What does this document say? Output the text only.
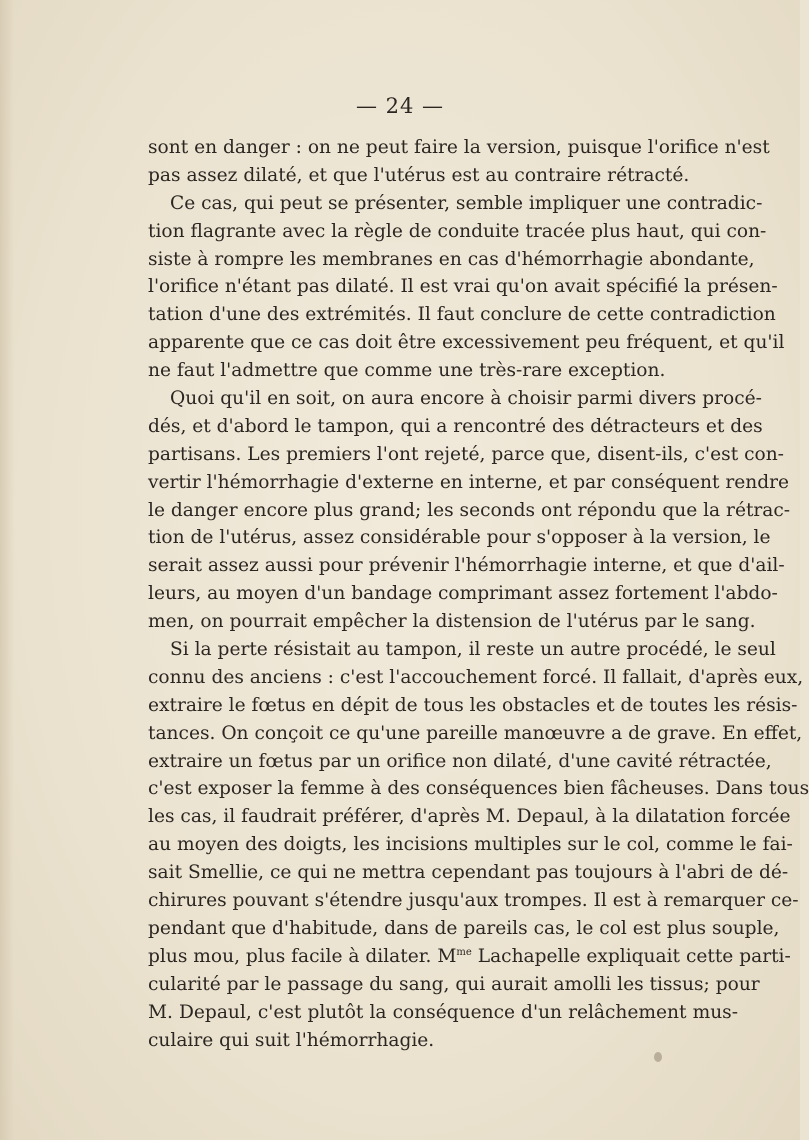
— 24 —
sont en danger : on ne peut faire la version, puisque l'orifice n'est
pas assez dilaté, et que l'utérus est au contraire rétracté.
Ce cas, qui peut se présenter, semble impliquer une contradic-
tion flagrante avec la règle de conduite tracée plus haut, qui con-
siste à rompre les membranes en cas d'hémorrhagie abondante,
l'orifice n'étant pas dilaté. Il est vrai qu'on avait spécifié la présen-
tation d'une des extrémités. Il faut conclure de cette contradiction
apparente que ce cas doit être excessivement peu fréquent, et qu'il
ne faut l'admettre que comme une très-rare exception.
Quoi qu'il en soit, on aura encore à choisir parmi divers procé-
dés, et d'abord le tampon, qui a rencontré des détracteurs et des
partisans. Les premiers l'ont rejeté, parce que, disent-ils, c'est con-
vertir l'hémorrhagie d'externe en interne, et par conséquent rendre
le danger encore plus grand; les seconds ont répondu que la rétrac-
tion de l'utérus, assez considérable pour s'opposer à la version, le
serait assez aussi pour prévenir l'hémorrhagie interne, et que d'ail-
leurs, au moyen d'un bandage comprimant assez fortement l'abdo-
men, on pourrait empêcher la distension de l'utérus par le sang.
Si la perte résistait au tampon, il reste un autre procédé, le seul
connu des anciens : c'est l'accouchement forcé. Il fallait, d'après eux,
extraire le fœtus en dépit de tous les obstacles et de toutes les résis-
tances. On conçoit ce qu'une pareille manœuvre a de grave. En effet,
extraire un fœtus par un orifice non dilaté, d'une cavité rétractée,
c'est exposer la femme à des conséquences bien fâcheuses. Dans tous
les cas, il faudrait préférer, d'après M. Depaul, à la dilatation forcée
au moyen des doigts, les incisions multiples sur le col, comme le fai-
sait Smellie, ce qui ne mettra cependant pas toujours à l'abri de dé-
chirures pouvant s'étendre jusqu'aux trompes. Il est à remarquer ce-
pendant que d'habitude, dans de pareils cas, le col est plus souple,
plus mou, plus facile à dilater. $M^{me}$ Lachapelle expliquait cette parti-
cularité par le passage du sang, qui aurait amolli les tissus; pour
M. Depaul, c'est plutôt la conséquence d'un relâchement mus-
culaire qui suit l'hémorrhagie.
